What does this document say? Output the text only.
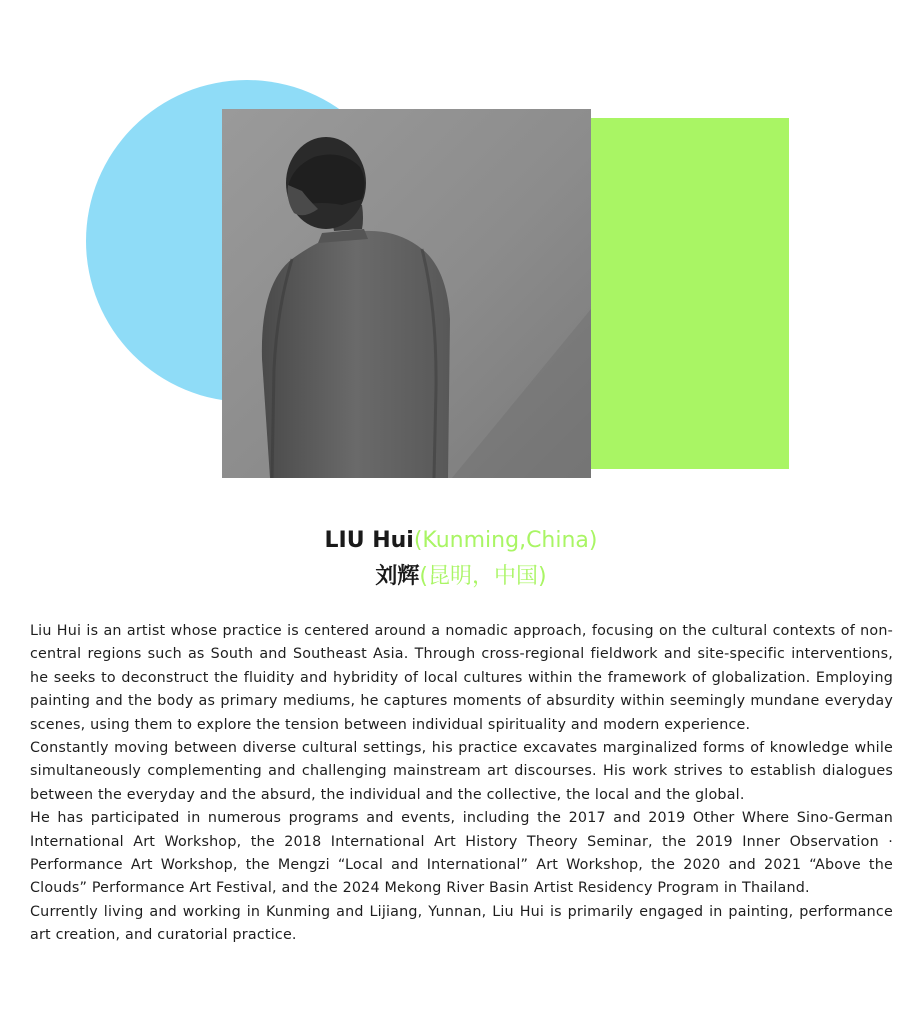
LIU Hui(Kunming,China)
刘辉(昆明，中国)

Liu Hui is an artist whose practice is centered around a nomadic approach, focusing on the cultural contexts of non-central regions such as South and Southeast Asia. Through cross-regional fieldwork and site-specific interventions, he seeks to deconstruct the fluidity and hybridity of local cultures within the framework of globalization. Employing painting and the body as primary mediums, he captures moments of absurdity within seemingly mundane everyday scenes, using them to explore the tension between individual spirituality and modern experience.

Constantly moving between diverse cultural settings, his practice excavates marginalized forms of knowledge while simultaneously complementing and challenging mainstream art discourses. His work strives to establish dialogues between the everyday and the absurd, the individual and the collective, the local and the global.

He has participated in numerous programs and events, including the 2017 and 2019 Other Where Sino-German International Art Workshop, the 2018 International Art History Theory Seminar, the 2019 Inner Observation · Performance Art Workshop, the Mengzi “Local and International” Art Workshop, the 2020 and 2021 “Above the Clouds” Performance Art Festival, and the 2024 Mekong River Basin Artist Residency Program in Thailand.

Currently living and working in Kunming and Lijiang, Yunnan, Liu Hui is primarily engaged in painting, performance art creation, and curatorial practice.
